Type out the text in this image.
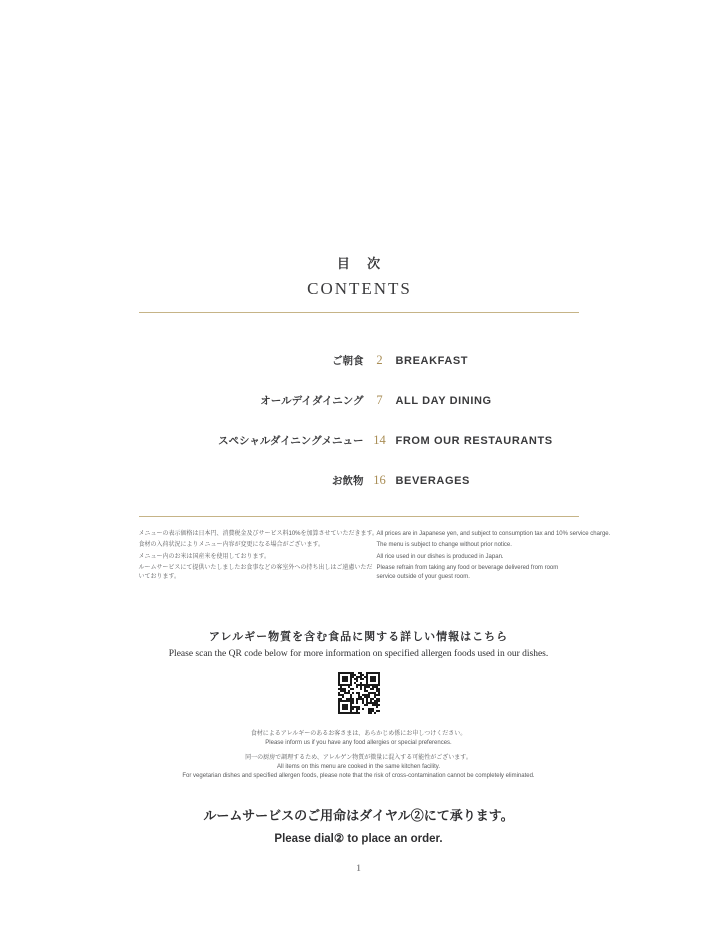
目 次
CONTENTS
ご朝食	2	BREAKFAST
オールデイダイニング	7	ALL DAY DINING
スペシャルダイニングメニュー 14 FROM OUR RESTAURANTS
お飲物 16 BEVERAGES
メニューの表示価格は日本円、消費税金及びサービス料10%を加算させていただきます。
All prices are in Japanese yen, and subject to consumption tax and 10% service charge.
食材の入荷状況によりメニュー内容が変更になる場合がございます。	The menu is subject to change without prior notice.
メニュー内のお米は国産米を使用しております。	All rice used in our dishes is produced in Japan.
ルームサービスにて提供いたしましたお食事などの客室外への持ち出しはご遠慮いただいております。
Please refrain from taking any food or beverage delivered from room service outside of your guest room.
アレルギー物質を含む食品に関する詳しい情報はこちら
Please scan the QR code below for more information on specified allergen foods used in our dishes.
食材によるアレルギーのあるお客さまは、あらかじめ係にお申しつけください。
Please inform us if you have any food allergies or special preferences.
同一の厨房で調理するため、アレルゲン物質が微量に混入する可能性がございます。
All items on this menu are cooked in the same kitchen facility.
For vegetarian dishes and specified allergen foods, please note that the risk of cross-contamination cannot be completely eliminated.
ルームサービスのご用命はダイヤル②にて承ります。
Please dial② to place an order.
1
